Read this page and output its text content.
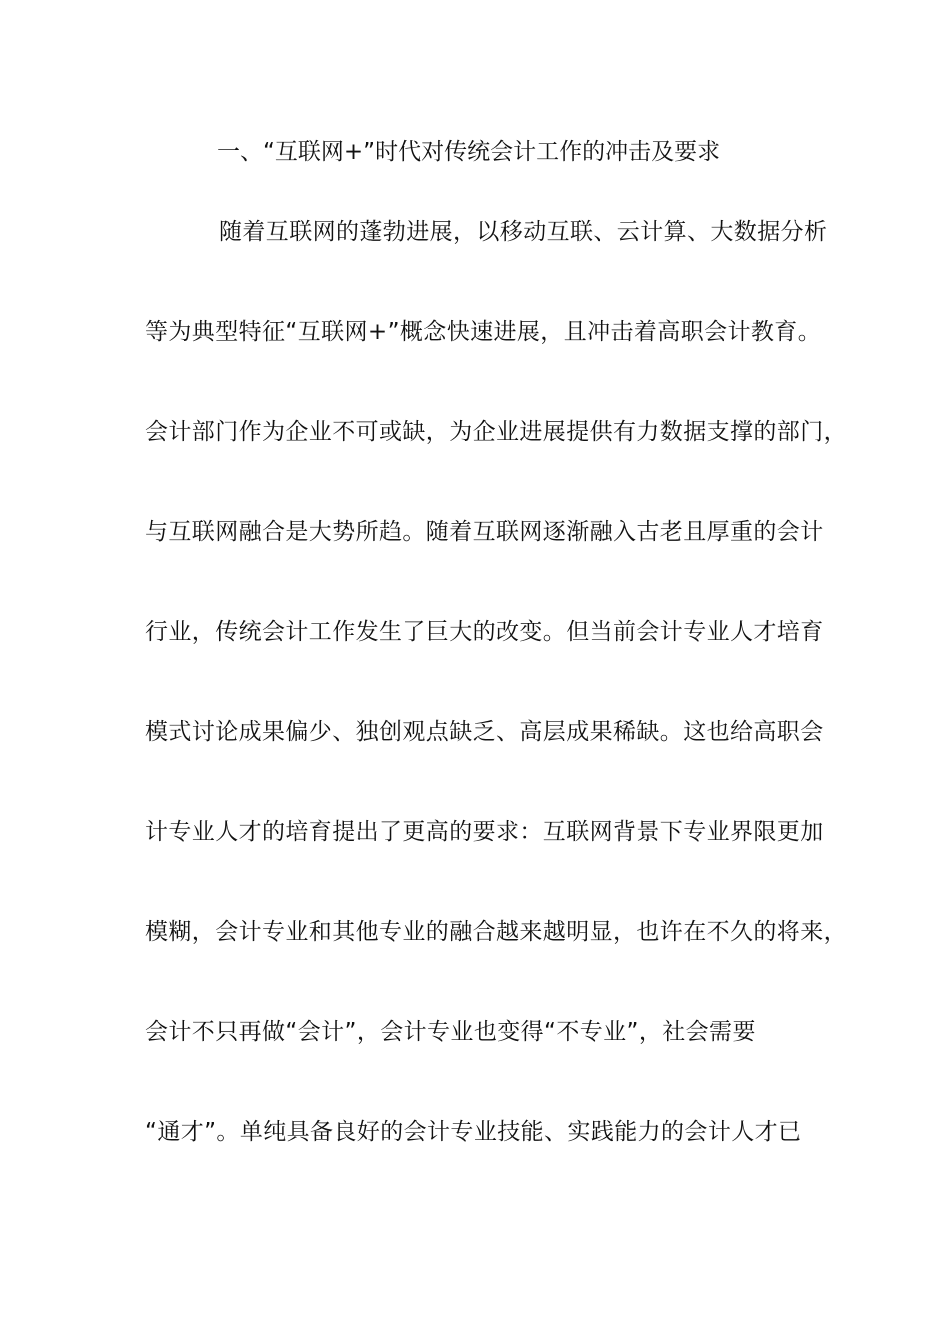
一、“互联网+”时代对传统会计工作的冲击及要求
随着互联网的蓬勃进展，以移动互联、云计算、大数据分析
等为典型特征“互联网+”概念快速进展，且冲击着高职会计教育。
会计部门作为企业不可或缺，为企业进展提供有力数据支撑的部门，
与互联网融合是大势所趋。随着互联网逐渐融入古老且厚重的会计
行业，传统会计工作发生了巨大的改变。但当前会计专业人才培育
模式讨论成果偏少、独创观点缺乏、高层成果稀缺。这也给高职会
计专业人才的培育提出了更高的要求：互联网背景下专业界限更加
模糊，会计专业和其他专业的融合越来越明显，也许在不久的将来，
会计不只再做“会计”，会计专业也变得“不专业”，社会需要
“通才”。单纯具备良好的会计专业技能、实践能力的会计人才已
